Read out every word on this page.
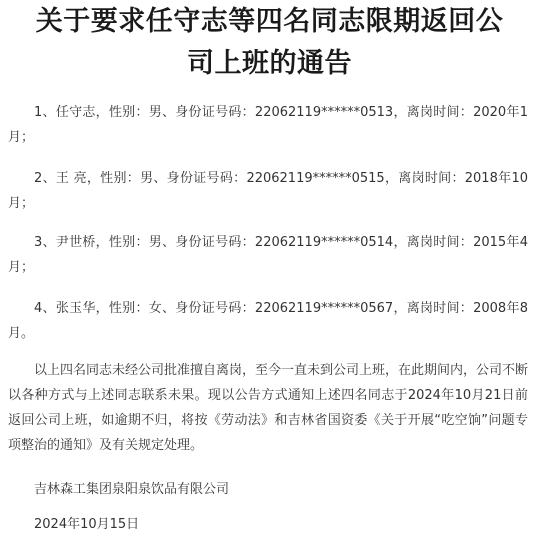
关于要求任守志等四名同志限期返回公
司上班的通告

1、任守志，性别：男、身份证号码：22062119******0513，离岗时间：2020年1月；

2、王 亮，性别：男、身份证号码：22062119******0515，离岗时间：2018年10月；

3、尹世桥，性别：男、身份证号码：22062119******0514，离岗时间：2015年4月；

4、张玉华，性别：女、身份证号码：22062119******0567，离岗时间：2008年8月。

以上四名同志未经公司批准擅自离岗，至今一直未到公司上班，在此期间内，公司不断以各种方式与上述同志联系未果。现以公告方式通知上述四名同志于2024年10月21日前返回公司上班，如逾期不归，将按《劳动法》和吉林省国资委《关于开展“吃空饷”问题专项整治的通知》及有关规定处理。

吉林森工集团泉阳泉饮品有限公司

2024年10月15日
